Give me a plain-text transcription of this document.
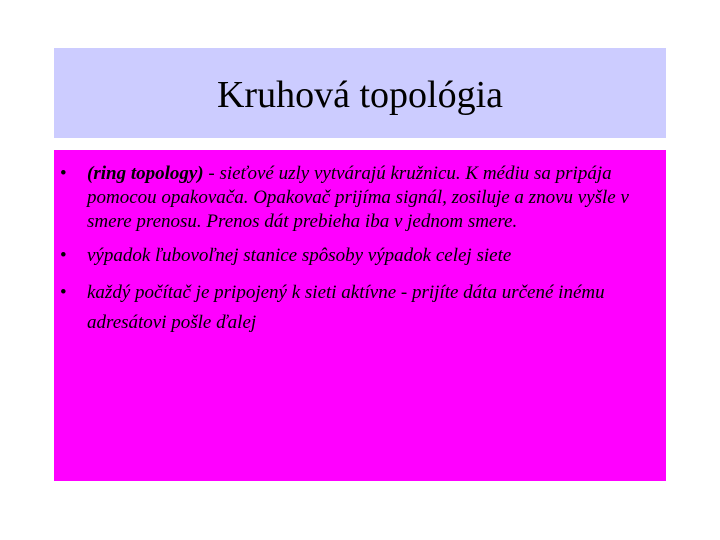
Kruhová topológia
• (ring topology) - sieťové uzly vytvárajú kružnicu. K médiu sa pripája pomocou opakovača. Opakovač prijíma signál, zosiluje a znovu vyšle v smere prenosu. Prenos dát prebieha iba v jednom smere.
• výpadok ľubovoľnej stanice spôsoby výpadok celej siete
• každý počítač je pripojený k sieti aktívne - prijíte dáta určené inému adresátovi pošle ďalej
